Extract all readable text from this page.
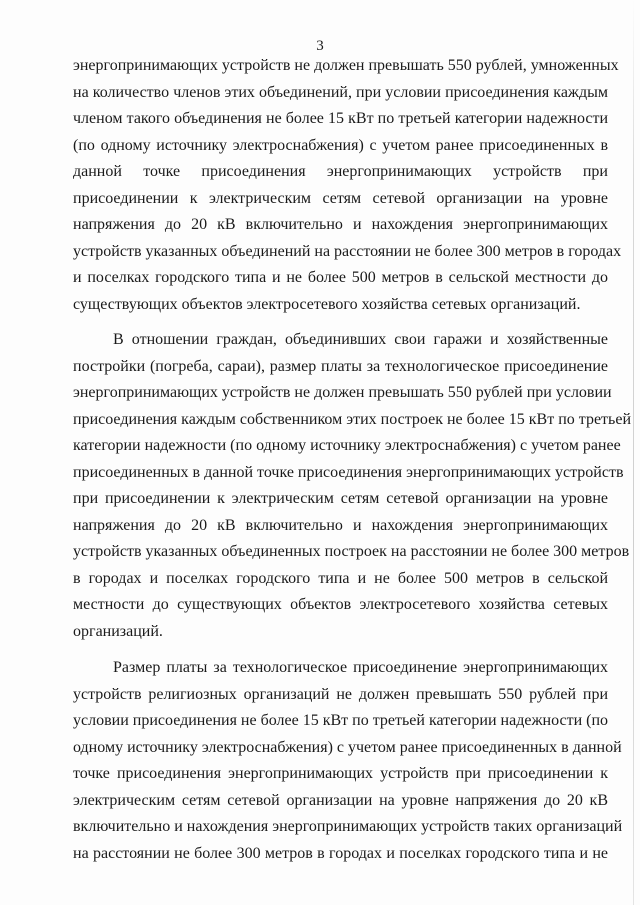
3

энергопринимающих устройств не должен превышать 550 рублей, умноженных
на количество членов этих объединений, при условии присоединения каждым
членом такого объединения не более 15 кВт по третьей категории надежности
(по одному источнику электроснабжения) с учетом ранее присоединенных в
данной точке присоединения энергопринимающих устройств при
присоединении к электрическим сетям сетевой организации на уровне
напряжения до 20 кВ включительно и нахождения энергопринимающих
устройств указанных объединений на расстоянии не более 300 метров в городах
и поселках городского типа и не более 500 метров в сельской местности до
существующих объектов электросетевого хозяйства сетевых организаций.

В отношении граждан, объединивших свои гаражи и хозяйственные
постройки (погреба, сараи), размер платы за технологическое присоединение
энергопринимающих устройств не должен превышать 550 рублей при условии
присоединения каждым собственником этих построек не более 15 кВт по третьей
категории надежности (по одному источнику электроснабжения) с учетом ранее
присоединенных в данной точке присоединения энергопринимающих устройств
при присоединении к электрическим сетям сетевой организации на уровне
напряжения до 20 кВ включительно и нахождения энергопринимающих
устройств указанных объединенных построек на расстоянии не более 300 метров
в городах и поселках городского типа и не более 500 метров в сельской
местности до существующих объектов электросетевого хозяйства сетевых
организаций.

Размер платы за технологическое присоединение энергопринимающих
устройств религиозных организаций не должен превышать 550 рублей при
условии присоединения не более 15 кВт по третьей категории надежности (по
одному источнику электроснабжения) с учетом ранее присоединенных в данной
точке присоединения энергопринимающих устройств при присоединении к
электрическим сетям сетевой организации на уровне напряжения до 20 кВ
включительно и нахождения энергопринимающих устройств таких организаций
на расстоянии не более 300 метров в городах и поселках городского типа и не
